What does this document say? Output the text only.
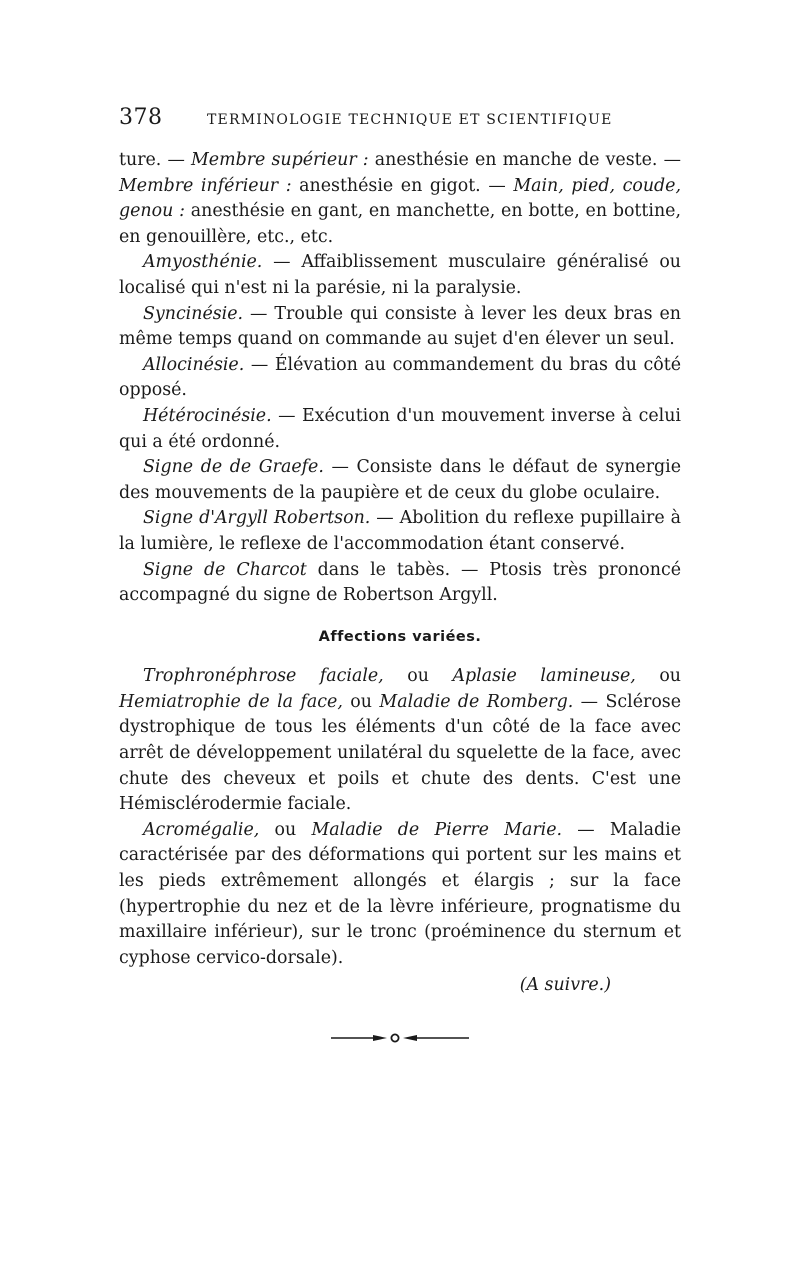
378	TERMINOLOGIE TECHNIQUE ET SCIENTIFIQUE

ture. — Membre supérieur : anesthésie en manche de veste. — Membre inférieur : anesthésie en gigot. — Main, pied, coude, genou : anesthésie en gant, en manchette, en botte, en bottine, en genouillère, etc., etc.

Amyosthénie. — Affaiblissement musculaire généralisé ou localisé qui n'est ni la parésie, ni la paralysie.

Syncinésie. — Trouble qui consiste à lever les deux bras en même temps quand on commande au sujet d'en élever un seul.

Allocinésie. — Élévation au commandement du bras du côté opposé.

Hétérocinésie. — Exécution d'un mouvement inverse à celui qui a été ordonné.

Signe de de Graefe. — Consiste dans le défaut de synergie des mouvements de la paupière et de ceux du globe oculaire.

Signe d'Argyll Robertson. — Abolition du reflexe pupillaire à la lumière, le reflexe de l'accommodation étant conservé.

Signe de Charcot dans le tabès. — Ptosis très prononcé accompagné du signe de Robertson Argyll.

Affections variées.

Trophronéphrose faciale, ou Aplasie lamineuse, ou Hemiatrophie de la face, ou Maladie de Romberg. — Sclérose dystrophique de tous les éléments d'un côté de la face avec arrêt de développement unilatéral du squelette de la face, avec chute des cheveux et poils et chute des dents. C'est une Hémisclérodermie faciale.

Acromégalie, ou Maladie de Pierre Marie. — Maladie caractérisée par des déformations qui portent sur les mains et les pieds extrêmement allongés et élargis ; sur la face (hypertrophie du nez et de la lèvre inférieure, prognatisme du maxillaire inférieur), sur le tronc (proéminence du sternum et cyphose cervico-dorsale).

(A suivre.)
